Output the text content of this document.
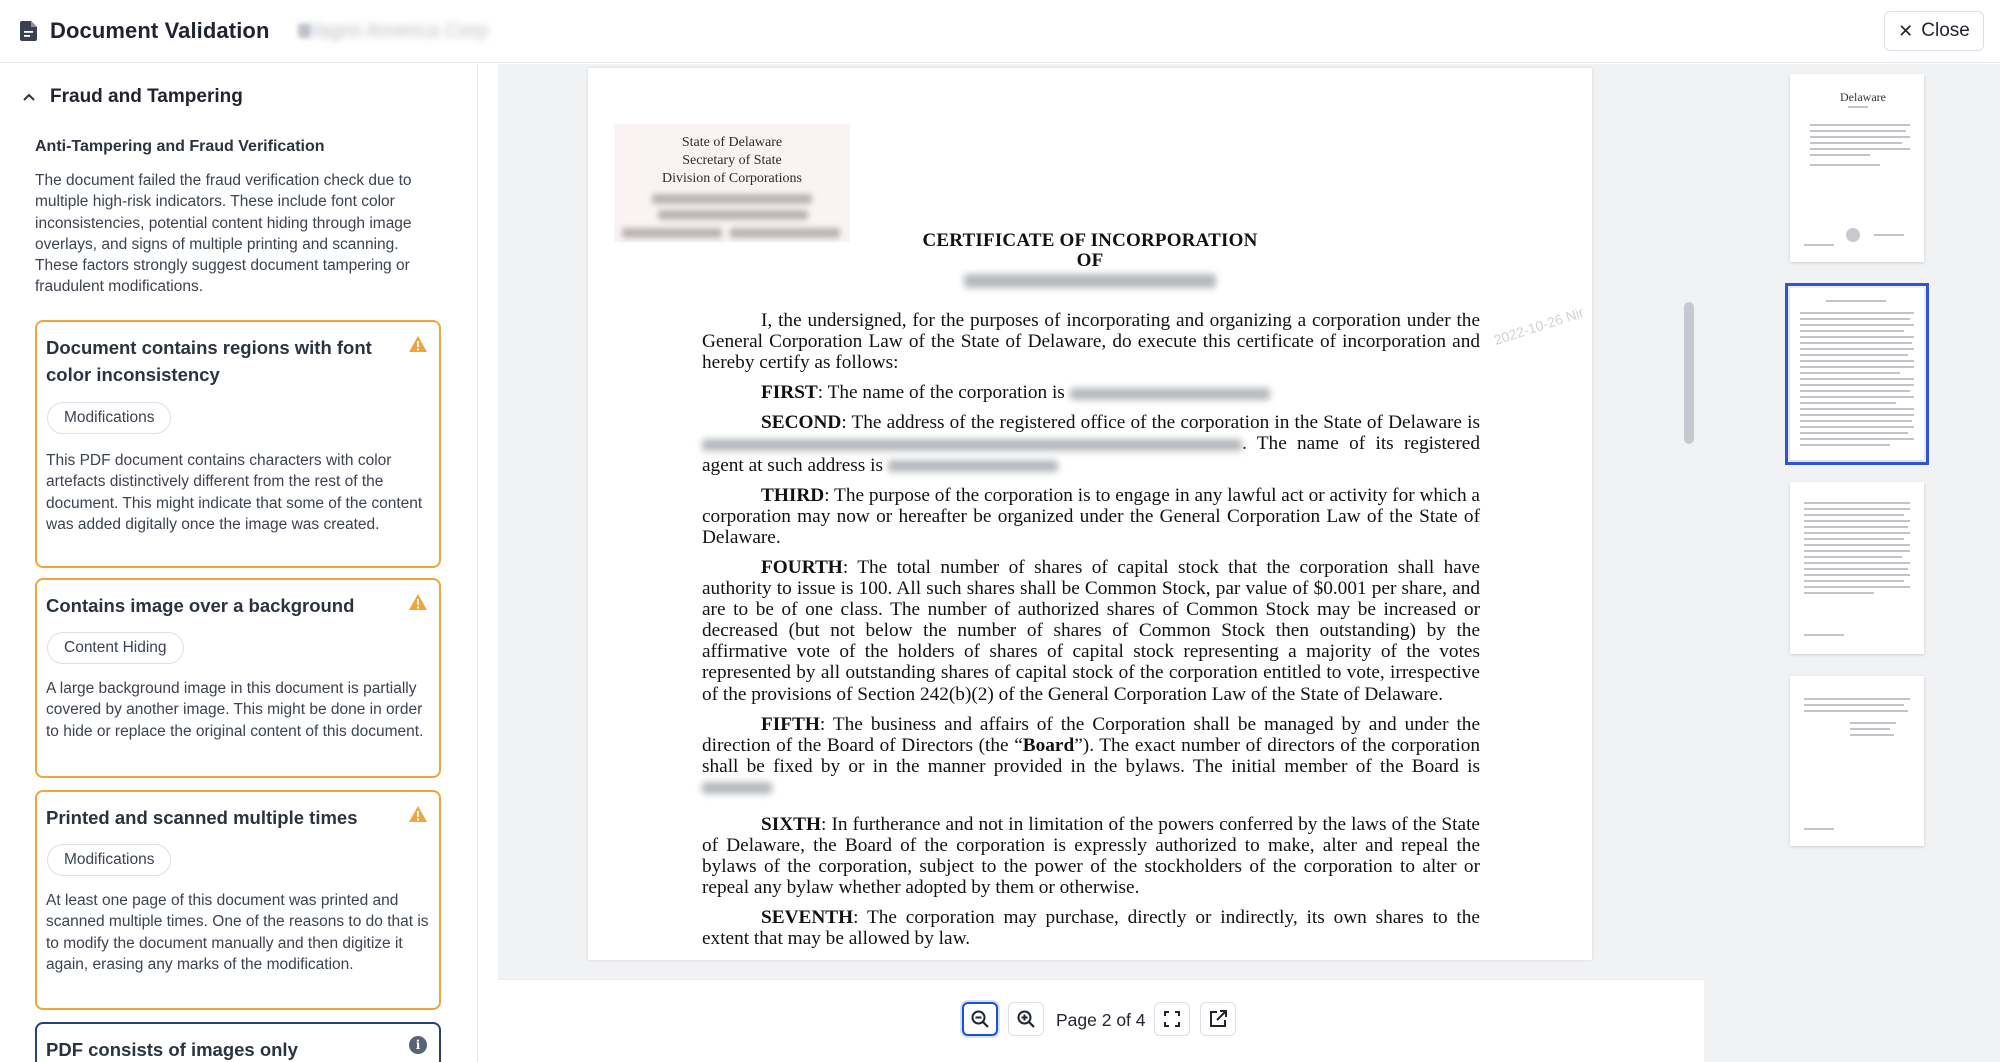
Document Validation Wagmi America Corp	✕ Close
Fraud and Tampering
Anti-Tampering and Fraud Verification
The document failed the fraud verification check due to multiple high-risk indicators. These include font color inconsistencies, potential content hiding through image overlays, and signs of multiple printing and scanning. These factors strongly suggest document tampering or fraudulent modifications.
Document contains regions with font color inconsistency
Modifications
This PDF document contains characters with color artefacts distinctively different from the rest of the document. This might indicate that some of the content was added digitally once the image was created.
Contains image over a background
Content Hiding
A large background image in this document is partially covered by another image. This might be done in order to hide or replace the original content of this document.
Printed and scanned multiple times
Modifications
At least one page of this document was printed and scanned multiple times. One of the reasons to do that is to modify the document manually and then digitize it again, erasing any marks of the modification.
PDF consists of images only	i
State of Delaware
Secretary of State
Division of Corporations
2022-10-26 Nir
CERTIFICATE OF INCORPORATION
OF

I, the undersigned, for the purposes of incorporating and organizing a corporation under the General Corporation Law of the State of Delaware, do execute this certificate of incorporation and hereby certify as follows:

FIRST: The name of the corporation is

SECOND: The address of the registered office of the corporation in the State of Delaware is . The name of its registered agent at such address is

THIRD: The purpose of the corporation is to engage in any lawful act or activity for which a corporation may now or hereafter be organized under the General Corporation Law of the State of Delaware.

FOURTH: The total number of shares of capital stock that the corporation shall have authority to issue is 100. All such shares shall be Common Stock, par value of $0.001 per share, and are to be of one class. The number of authorized shares of Common Stock may be increased or decreased (but not below the number of shares of Common Stock then outstanding) by the affirmative vote of the holders of shares of capital stock representing a majority of the votes represented by all outstanding shares of capital stock of the corporation entitled to vote, irrespective of the provisions of Section 242(b)(2) of the General Corporation Law of the State of Delaware.

FIFTH: The business and affairs of the Corporation shall be managed by and under the direction of the Board of Directors (the “Board”). The exact number of directors of the corporation shall be fixed by or in the manner provided in the bylaws. The initial member of the Board is

SIXTH: In furtherance and not in limitation of the powers conferred by the laws of the State of Delaware, the Board of the corporation is expressly authorized to make, alter and repeal the bylaws of the corporation, subject to the power of the stockholders of the corporation to alter or repeal any bylaw whether adopted by them or otherwise.

SEVENTH: The corporation may purchase, directly or indirectly, its own shares to the extent that may be allowed by law.

Page 2 of 4
Delaware
